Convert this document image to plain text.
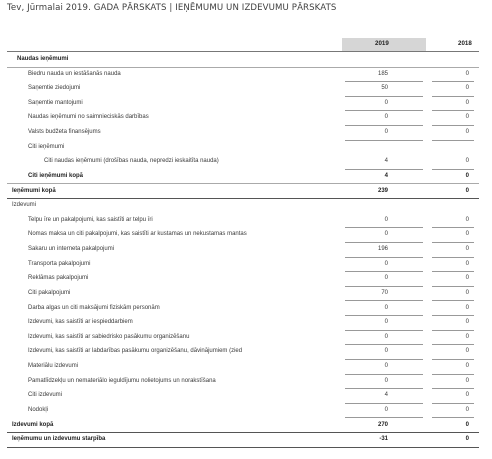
Tev, Jūrmalai 2019. GADA PĀRSKATS | IEŅĒMUMU UN IZDEVUMU PĀRSKATS
2019	2018
Naudas ieņēmumi
Biedru nauda un iestāšanās nauda	185	0
Saņemtie ziedojumi	50	0
Saņemtie mantojumi	0	0
Naudas ieņēmumi no saimnieciskās darbības	0	0
Valsts budžeta finansējums	0	0
Citi ieņēmumi
Citi naudas ieņēmumi (drošības nauda, nepredzi ieskaitīta nauda)	4	0
Citi ieņēmumi kopā	4	0
Ieņēmumi kopā	239	0
Izdevumi
Telpu īre un pakalpojumi, kas saistīti ar telpu īri	0	0
Nomas maksa un citi pakalpojumi, kas saistīti ar kustamas un nekustamas mantas	0	0
Sakaru un interneta pakalpojumi	196	0
Transporta pakalpojumi	0	0
Reklāmas pakalpojumi	0	0
Citi pakalpojumi	70	0
Darba algas un citi maksājumi fiziskām personām	0	0
Izdevumi, kas saistīti ar iespieddarbiem	0	0
Izdevumi, kas saistīti ar sabiedrisko pasākumu organizēšanu	0	0
Izdevumi, kas saistīti ar labdarības pasākumu organizēšanu, dāvinājumiem (zied	0	0
Materiālu izdevumi	0	0
Pamatlīdzekļu un nemateriālo ieguldījumu nolietojums un norakstīšana	0	0
Citi izdevumi	4	0
Nodokļi	0	0
Izdevumi kopā	270	0
Ieņēmumu un izdevumu starpība	-31	0
